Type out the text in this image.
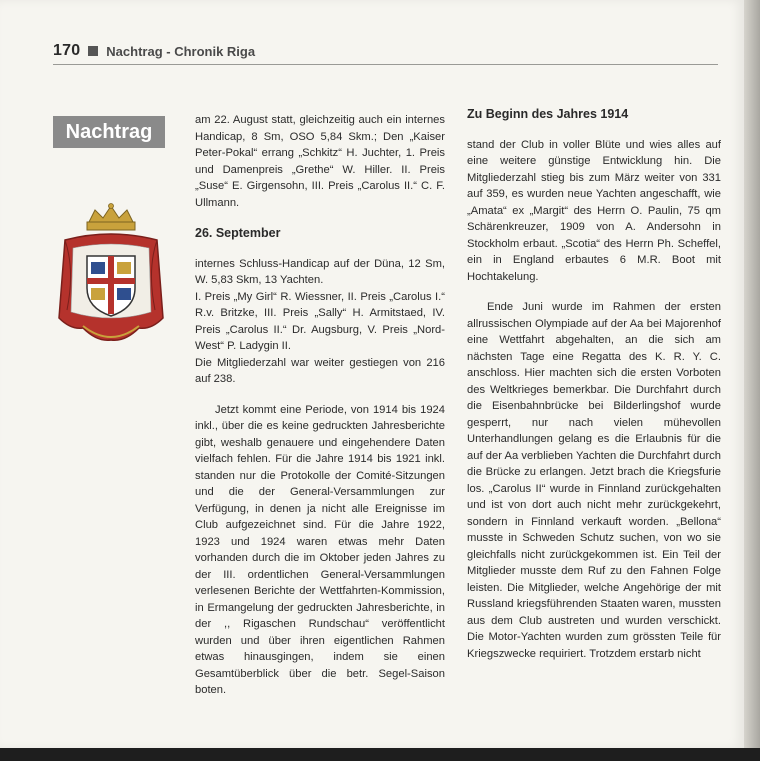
170 Nachtrag - Chronik Riga
Nachtrag

am 22. August statt, gleichzeitig auch ein internes Handicap, 8 Sm, OSO 5,84 Skm.; Den „Kaiser Peter-Pokal“ errang „Schkitz“ H. Juchter, 1. Preis und Damenpreis „Grethe“ W. Hiller. II. Preis „Suse“ E. Girgensohn, III. Preis „Carolus II.“ C. F. Ullmann.

26. September

internes Schluss-Handicap auf der Düna, 12 Sm, W. 5,83 Skm, 13 Yachten.

I. Preis „My Girl“ R. Wiessner, II. Preis „Carolus I.“ R.v. Britzke, III. Preis „Sally“ H. Armitstaed, IV. Preis „Carolus II.“ Dr. Augsburg, V. Preis „Nord-West“ P. Ladygin II.

Die Mitgliederzahl war weiter gestiegen von 216 auf 238.

Jetzt kommt eine Periode, von 1914 bis 1924 inkl., über die es keine gedruckten Jahresberichte gibt, weshalb genauere und eingehendere Daten vielfach fehlen. Für die Jahre 1914 bis 1921 inkl. standen nur die Protokolle der Comité-Sitzungen und die der General-Versammlungen zur Verfügung, in denen ja nicht alle Ereignisse im Club aufgezeichnet sind. Für die Jahre 1922, 1923 und 1924 waren etwas mehr Daten vorhanden durch die im Oktober jeden Jahres zu der III. ordentlichen General-Versammlungen verlesenen Berichte der Wettfahrten-Kommission, in Ermangelung der gedruckten Jahresberichte, in der ,, Rigaschen Rundschau“ veröffentlicht wurden und über ihren eigentlichen Rahmen etwas hinausgingen, indem sie einen Gesamtüberblick über die betr. Segel-Saison boten.

Zu Beginn des Jahres 1914

stand der Club in voller Blüte und wies alles auf eine weitere günstige Entwicklung hin. Die Mitgliederzahl stieg bis zum März weiter von 331 auf 359, es wurden neue Yachten angeschafft, wie „Amata“ ex „Margit“ des Herrn O. Paulin, 75 qm Schärenkreuzer, 1909 von A. Andersohn in Stockholm erbaut. „Scotia“ des Herrn Ph. Scheffel, ein in England erbautes 6 M.R. Boot mit Hochtakelung.

Ende Juni wurde im Rahmen der ersten allrussischen Olympiade auf der Aa bei Majorenhof eine Wettfahrt abgehalten, an die sich am nächsten Tage eine Regatta des K. R. Y. C. anschloss. Hier machten sich die ersten Vorboten des Weltkrieges bemerkbar. Die Durchfahrt durch die Eisenbahnbrücke bei Bilderlingshof wurde gesperrt, nur nach vielen mühevollen Unterhandlungen gelang es die Erlaubnis für die auf der Aa verblieben Yachten die Durchfahrt durch die Brücke zu erlangen. Jetzt brach die Kriegsfurie los. „Carolus II“ wurde in Finnland zurückgehalten und ist von dort auch nicht mehr zurückgekehrt, sondern in Finnland verkauft worden. „Bellona“ musste in Schweden Schutz suchen, von wo sie gleichfalls nicht zurückgekommen ist. Ein Teil der Mitglieder musste dem Ruf zu den Fahnen Folge leisten. Die Mitglieder, welche Angehörige der mit Russland kriegsführenden Staaten waren, mussten aus dem Club austreten und wurden verschickt. Die Motor-Yachten wurden zum grössten Teile für Kriegszwecke requiriert. Trotzdem erstarb nicht
